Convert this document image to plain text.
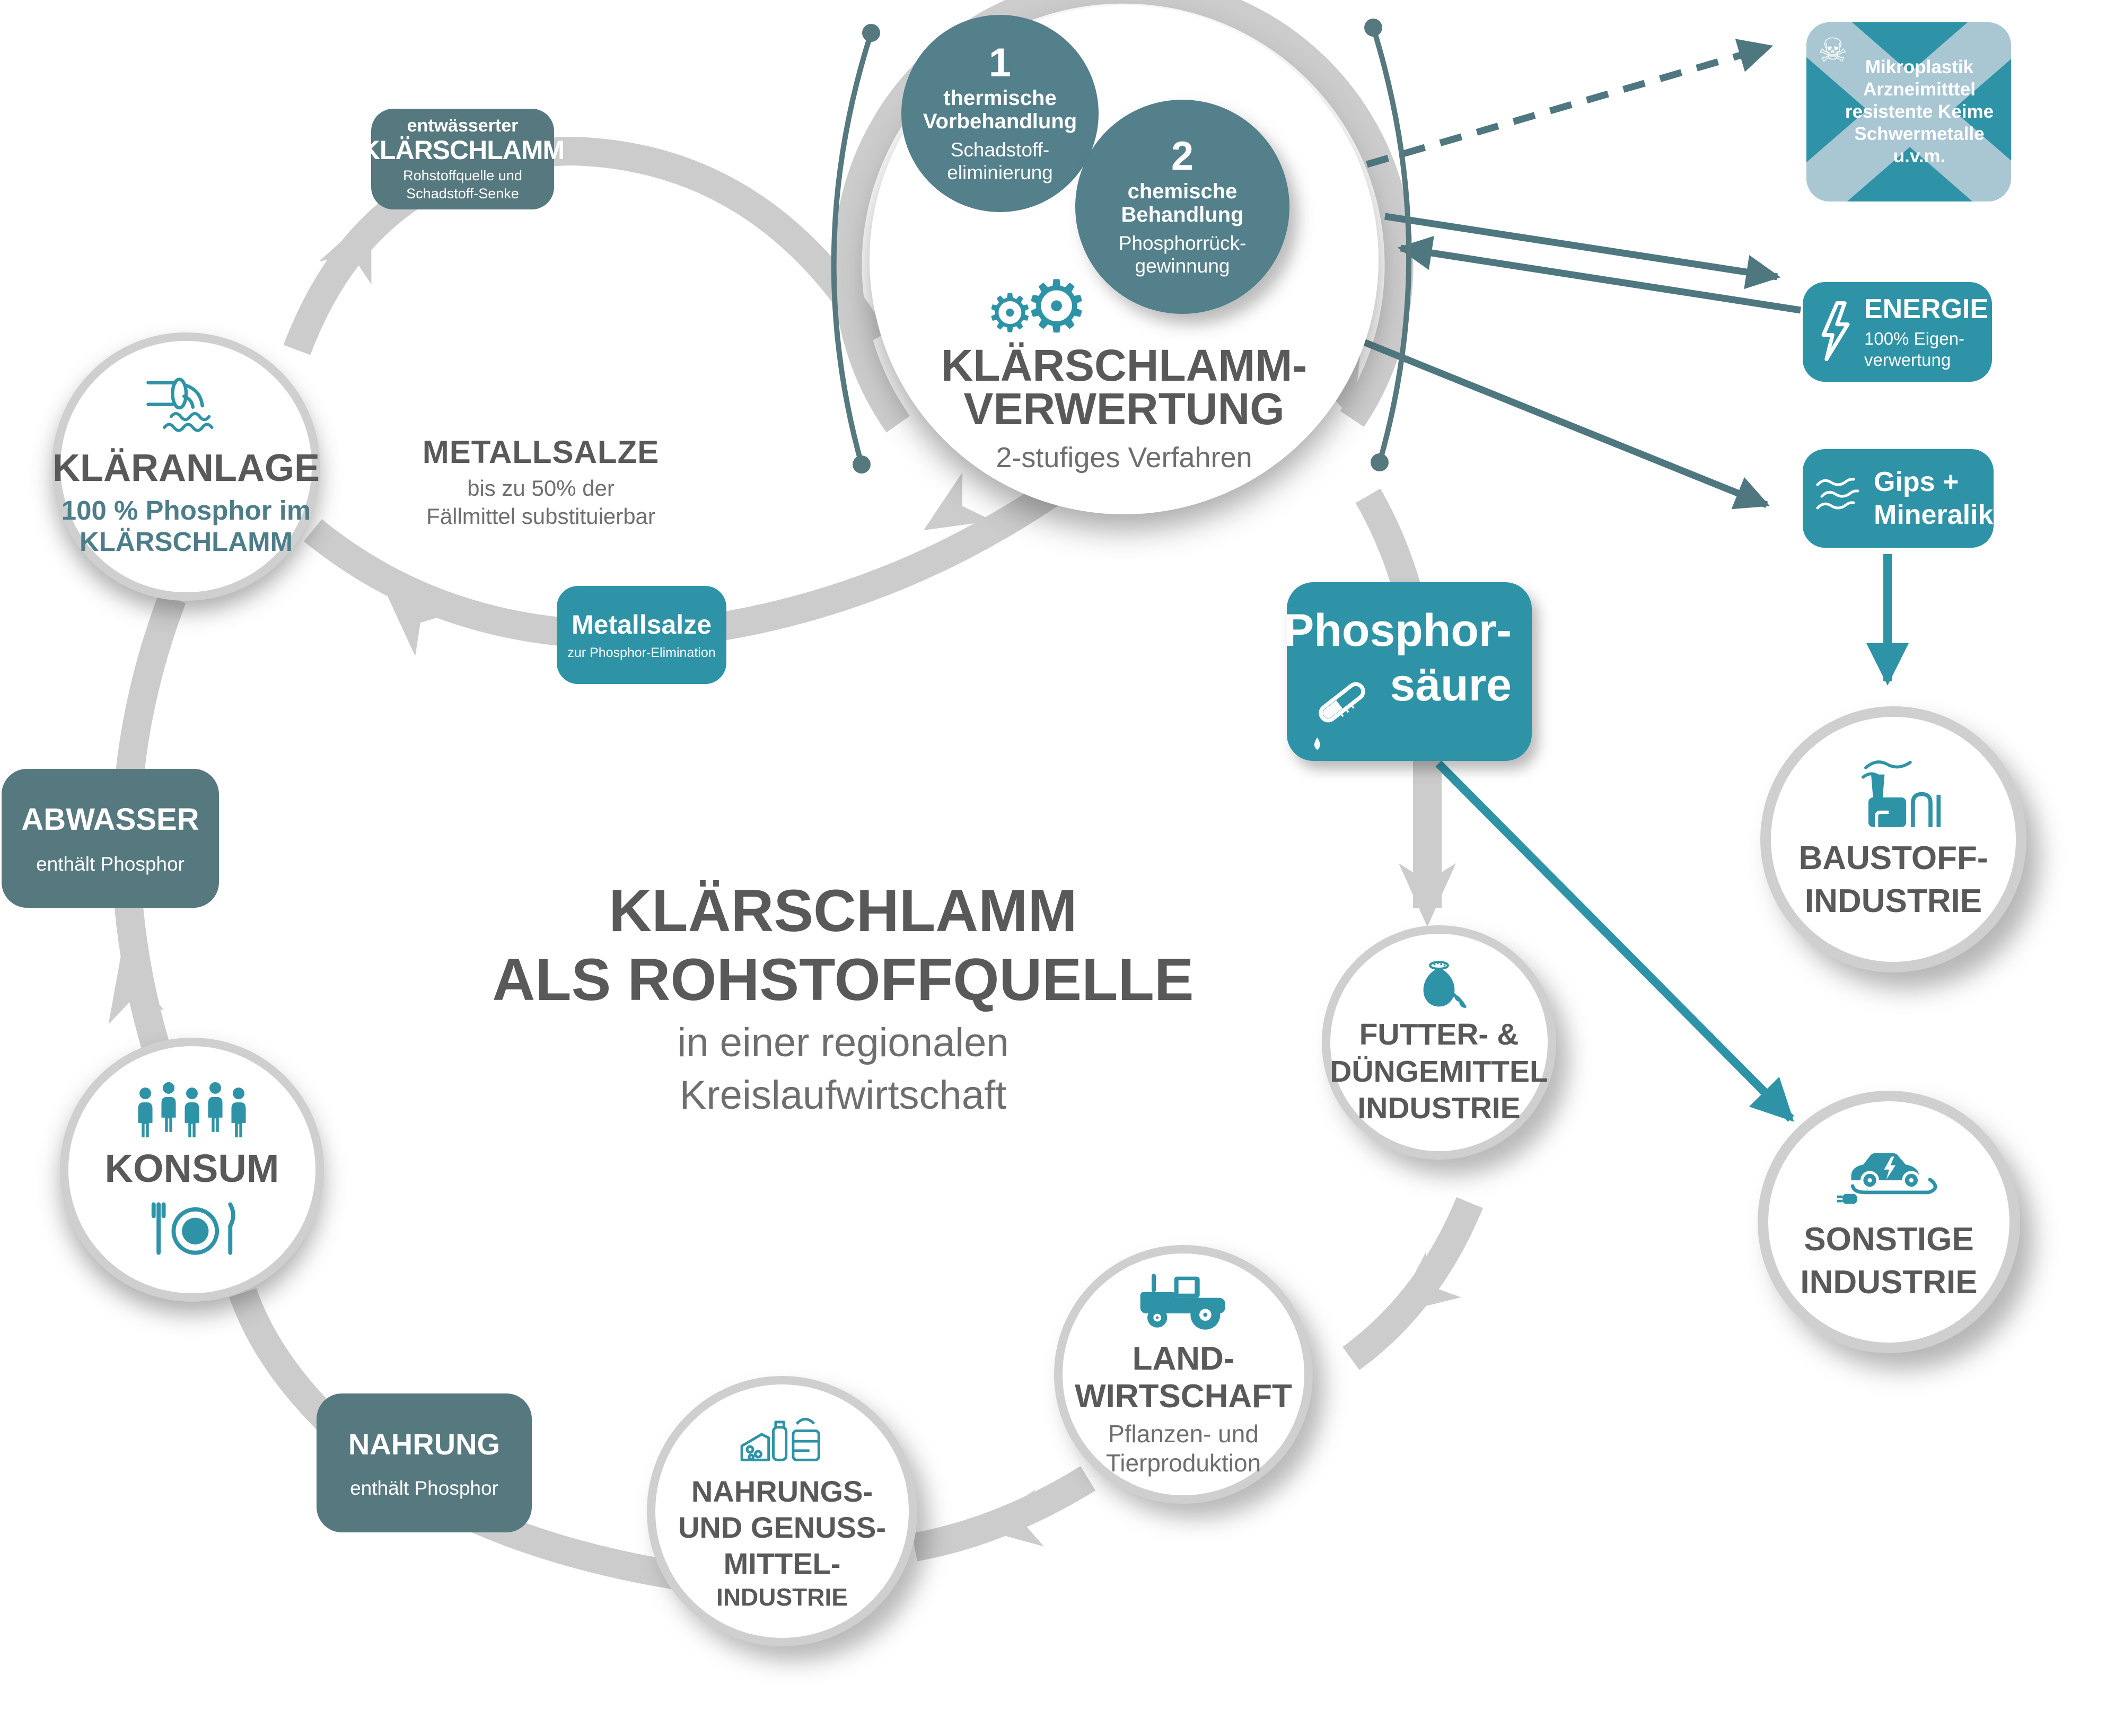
METALLSALZE
bis zu 50% der
Fällmittel substituierbar
KLÄRSCHLAMM
ALS ROHSTOFFQUELLE
in einer regionalen
Kreislaufwirtschaft
⚙⚙
KLÄRSCHLAMM-
VERWERTUNG
2-stufiges Verfahren
1
thermische
Vorbehandlung
Schadstoff-
eliminierung	2
chemische
Behandlung
Phosphorrück-
gewinnung
entwässerter
KLÄRSCHLAMM
Rohstoffquelle und
Schadstoff-Senke
Metallsalze
zur Phosphor-Elimination
KLÄRANLAGE
100 % Phosphor im
KLÄRSCHLAMM
ABWASSER
enthält Phosphor
KONSUM
NAHRUNG
enthält Phosphor	NAHRUNGS-
UND GENUSS-
MITTEL-
INDUSTRIE
LAND-
WIRTSCHAFT
Pflanzen- und
Tierproduktion
FUTTER- &
DÜNGEMITTEL
INDUSTRIE
Phosphor-
säure
☠ Mikroplastik
Arzneimitttel
resistente Keime
Schwermetalle
u.v.m.
ENERGIE
100% Eigen-
verwertung
Gips +
Mineralik
BAUSTOFF-
INDUSTRIE
SONSTIGE
INDUSTRIE
